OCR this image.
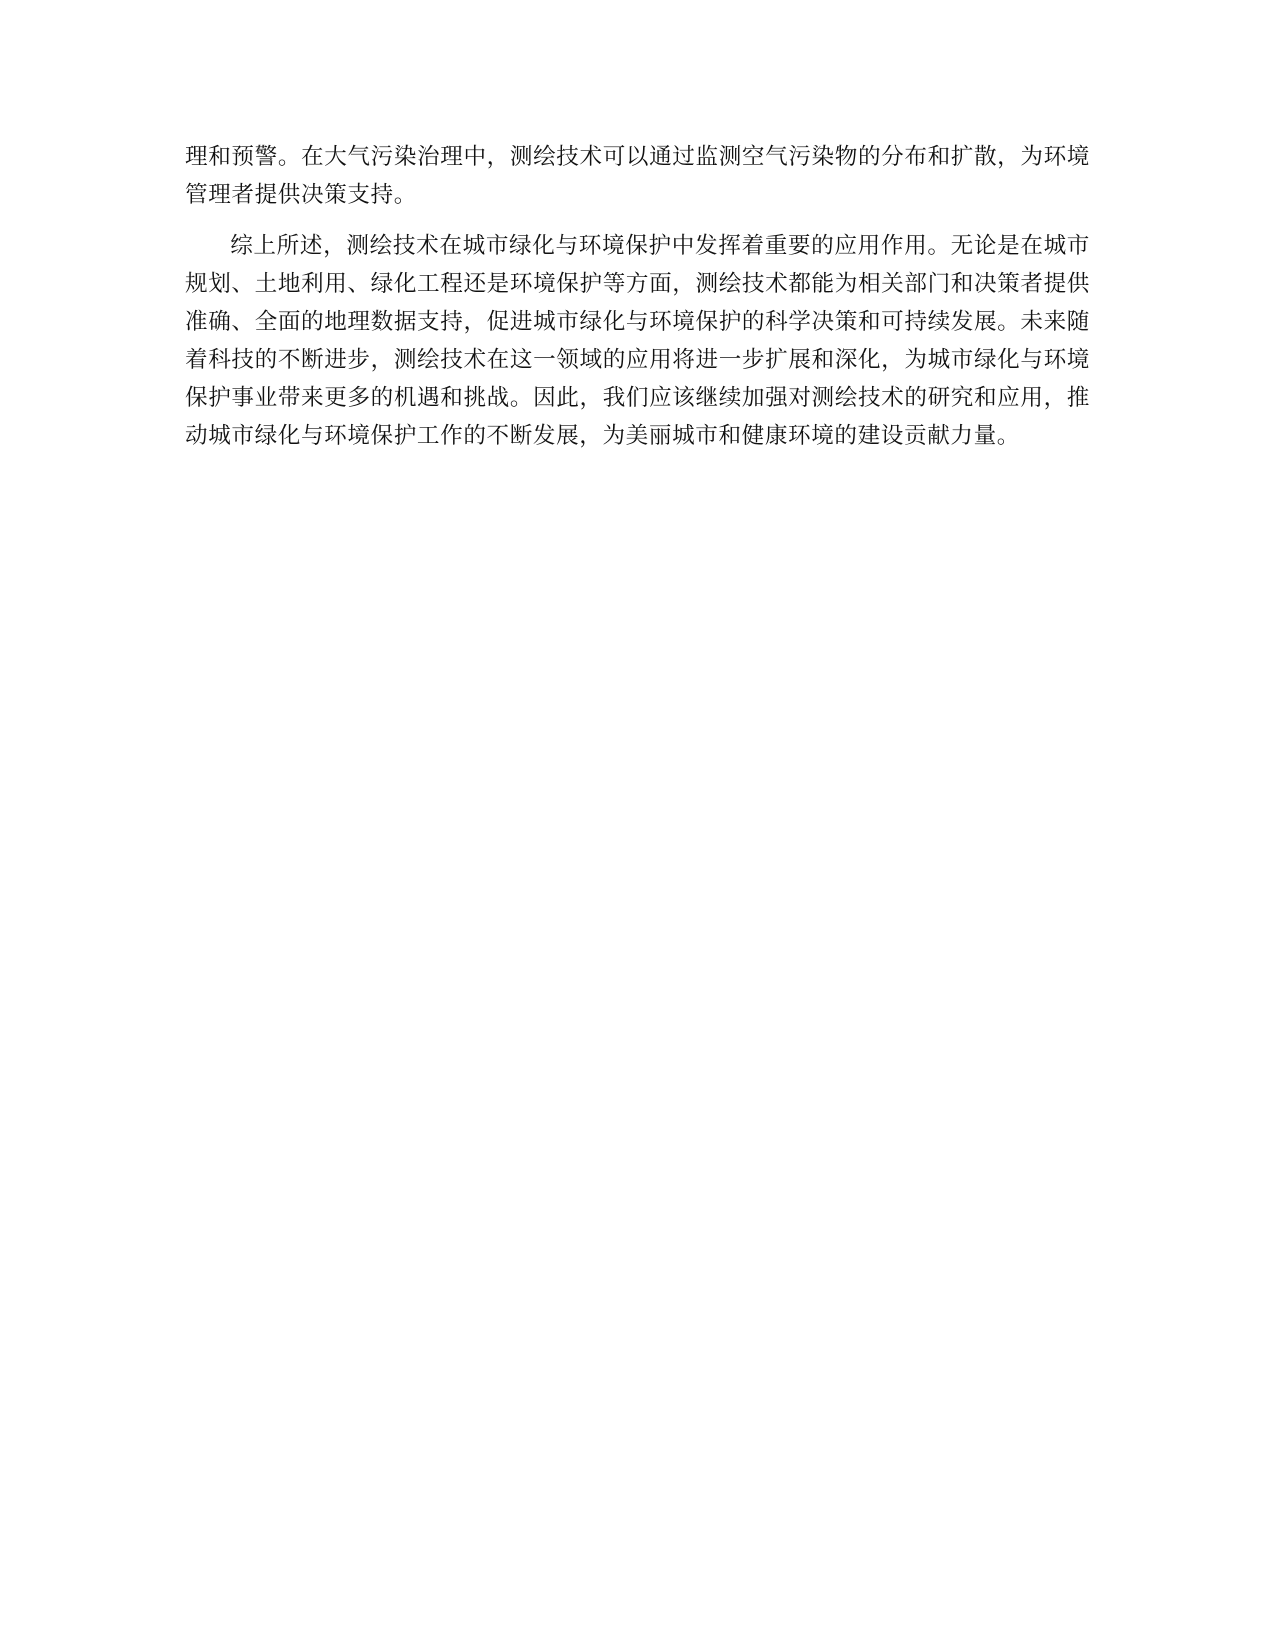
理和预警。在大气污染治理中，测绘技术可以通过监测空气污染物的分布和扩散，为环境管理者提供决策支持。

综上所述，测绘技术在城市绿化与环境保护中发挥着重要的应用作用。无论是在城市规划、土地利用、绿化工程还是环境保护等方面，测绘技术都能为相关部门和决策者提供准确、全面的地理数据支持，促进城市绿化与环境保护的科学决策和可持续发展。未来随着科技的不断进步，测绘技术在这一领域的应用将进一步扩展和深化，为城市绿化与环境保护事业带来更多的机遇和挑战。因此，我们应该继续加强对测绘技术的研究和应用，推动城市绿化与环境保护工作的不断发展，为美丽城市和健康环境的建设贡献力量。
